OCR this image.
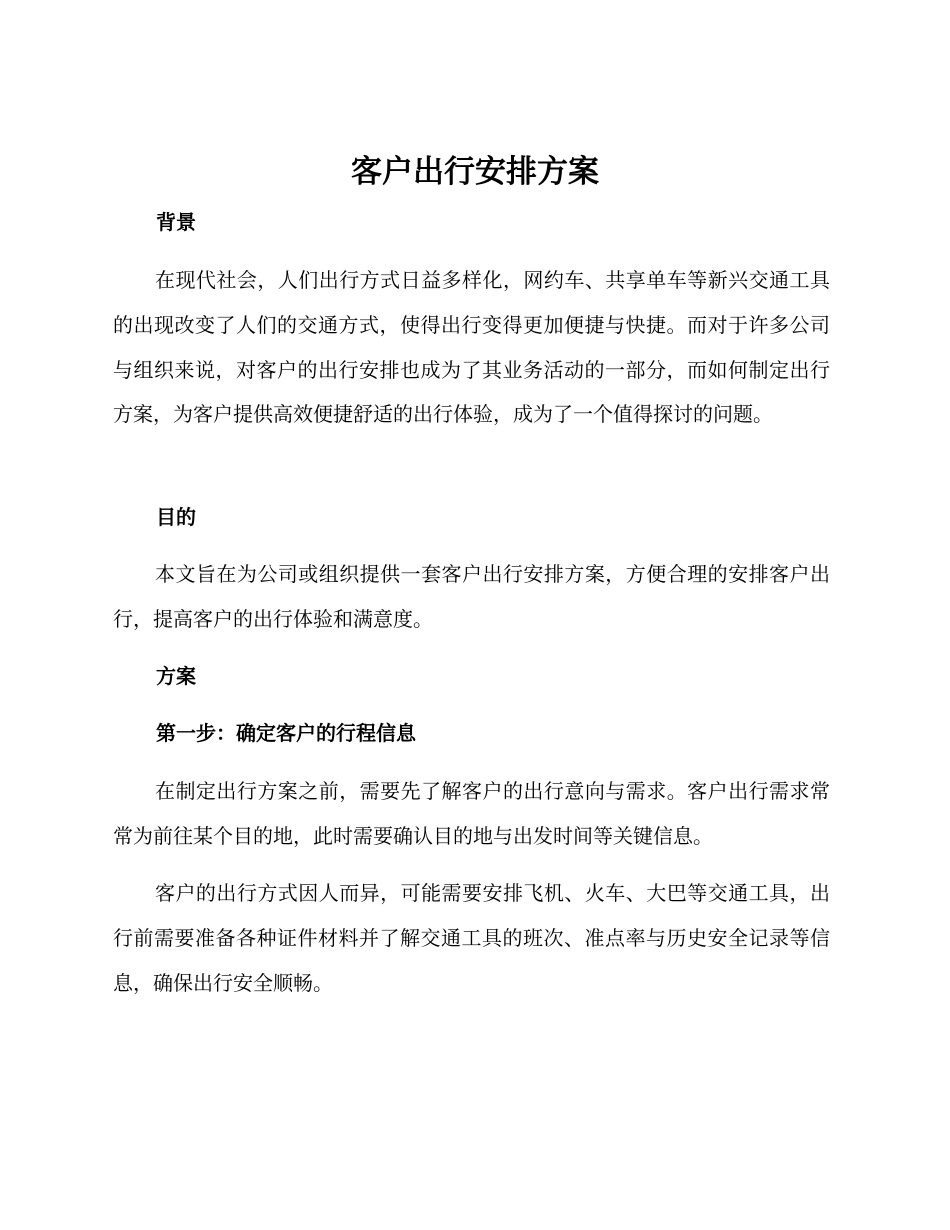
客户出行安排方案
背景

在现代社会，人们出行方式日益多样化，网约车、共享单车等新兴交通工具的出现改变了人们的交通方式，使得出行变得更加便捷与快捷。而对于许多公司与组织来说，对客户的出行安排也成为了其业务活动的一部分，而如何制定出行方案，为客户提供高效便捷舒适的出行体验，成为了一个值得探讨的问题。

目的

本文旨在为公司或组织提供一套客户出行安排方案，方便合理的安排客户出行，提高客户的出行体验和满意度。

方案
第一步：确定客户的行程信息

在制定出行方案之前，需要先了解客户的出行意向与需求。客户出行需求常常为前往某个目的地，此时需要确认目的地与出发时间等关键信息。

客户的出行方式因人而异，可能需要安排飞机、火车、大巴等交通工具，出行前需要准备各种证件材料并了解交通工具的班次、准点率与历史安全记录等信息，确保出行安全顺畅。
